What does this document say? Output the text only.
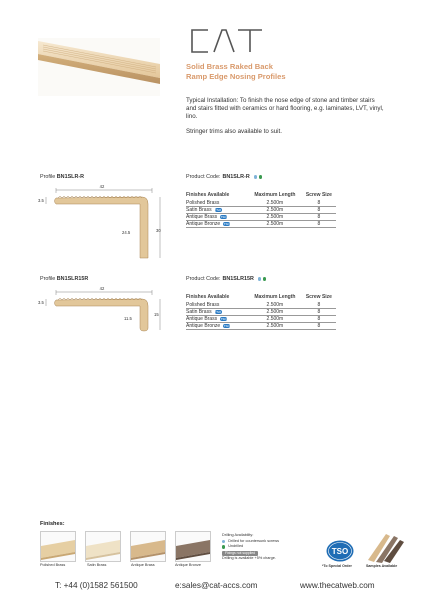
Solid Brass Raked Back
Ramp Edge Nosing Profiles
Typical Installation: To finish the nose edge of stone and timber stairs and stairs fitted with ceramics or hard flooring, e.g. laminates, LVT, vinyl, lino.
Stringer trims also available to suit.
Profile BN1SLR-R
42
3.5
24.5	30
Product Code: BN1SLR-R
Finishes Available	Maximum Length	Screw Size
Polished Brass	2.500m	8
Satin Brass TSO	2.500m	8
Antique Brass TSO	2.500m	8
Antique Bronze TSO	2.500m	8
Profile BN1SLR15R
42
3.5
11.5
15
Product Code: BN1SLR15R
Finishes Available	Maximum Length	Screw Size
Polished Brass	2.500m	8
Satin Brass TSO	2.500m	8
Antique Brass TSO	2.500m	8
Antique Bronze TSO	2.500m	8
Finishes:
Polished Brass	Satin Brass	Antique Brass	Antique Bronze
Drilling Availability:
Drilled for countersunk screws
Undrilled
Fixings not supplied
Drilling is available +5% charge.
TSO
*To Special Order	Samples Available
T: +44 (0)1582 561500	e:sales@cat-accs.com	www.thecatweb.com
